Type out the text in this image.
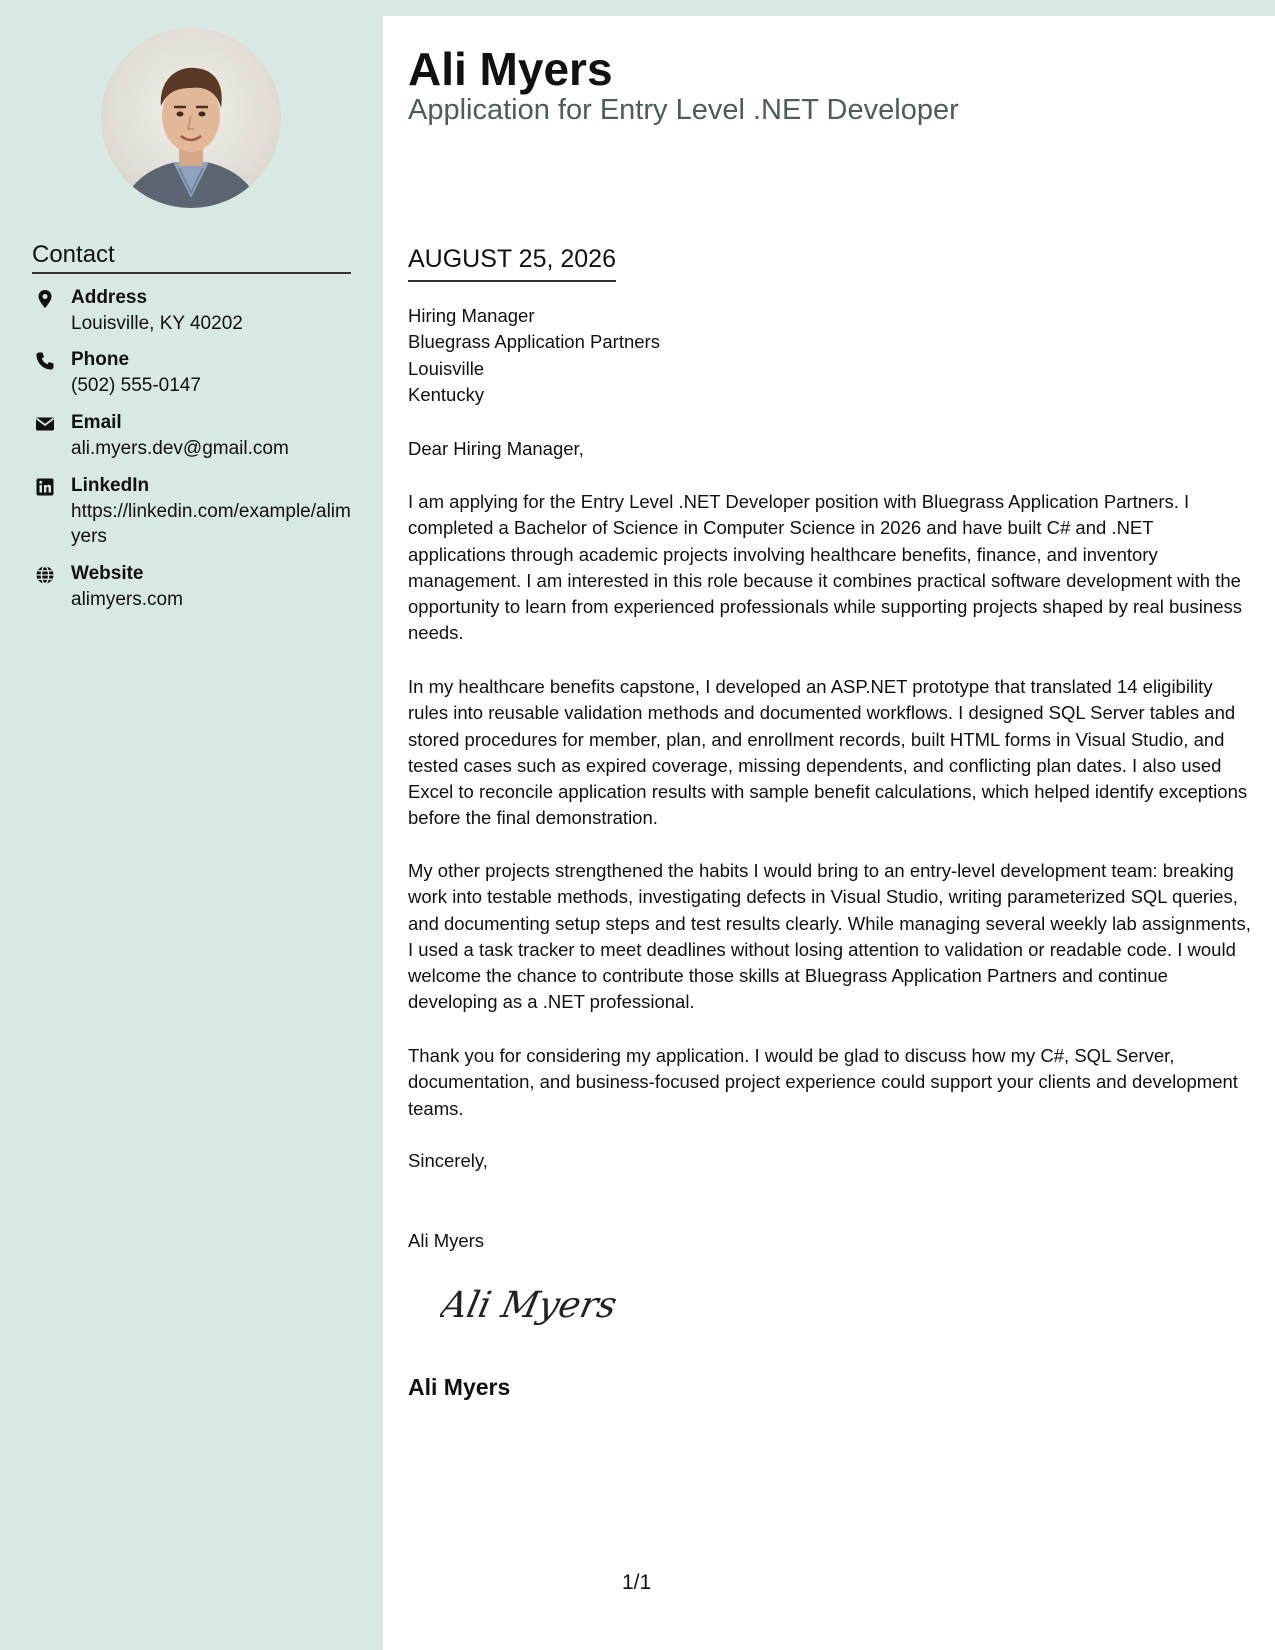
Contact
Address
Louisville, KY 40202
Phone
(502) 555-0147
Email
ali.myers.dev@gmail.com
LinkedIn
https://linkedin.com/example/alimyers
Website
alimyers.com
Ali Myers
Application for Entry Level .NET Developer
AUGUST 25, 2026

Hiring Manager

Bluegrass Application Partners

Louisville

Kentucky

Dear Hiring Manager,
I am applying for the Entry Level .NET Developer position with Bluegrass Application Partners. I completed a Bachelor of Science in Computer Science in 2026 and have built C# and .NET applications through academic projects involving healthcare benefits, finance, and inventory management. I am interested in this role because it combines practical software development with the opportunity to learn from experienced professionals while supporting projects shaped by real business needs.
In my healthcare benefits capstone, I developed an ASP.NET prototype that translated 14 eligibility rules into reusable validation methods and documented workflows. I designed SQL Server tables and stored procedures for member, plan, and enrollment records, built HTML forms in Visual Studio, and tested cases such as expired coverage, missing dependents, and conflicting plan dates. I also used Excel to reconcile application results with sample benefit calculations, which helped identify exceptions before the final demonstration.
My other projects strengthened the habits I would bring to an entry-level development team: breaking work into testable methods, investigating defects in Visual Studio, writing parameterized SQL queries, and documenting setup steps and test results clearly. While managing several weekly lab assignments, I used a task tracker to meet deadlines without losing attention to validation or readable code. I would welcome the chance to contribute those skills at Bluegrass Application Partners and continue developing as a .NET professional.
Thank you for considering my application. I would be glad to discuss how my C#, SQL Server, documentation, and business-focused project experience could support your clients and development teams.
Sincerely,
Ali Myers
Ali Myers
Ali Myers
1/1
